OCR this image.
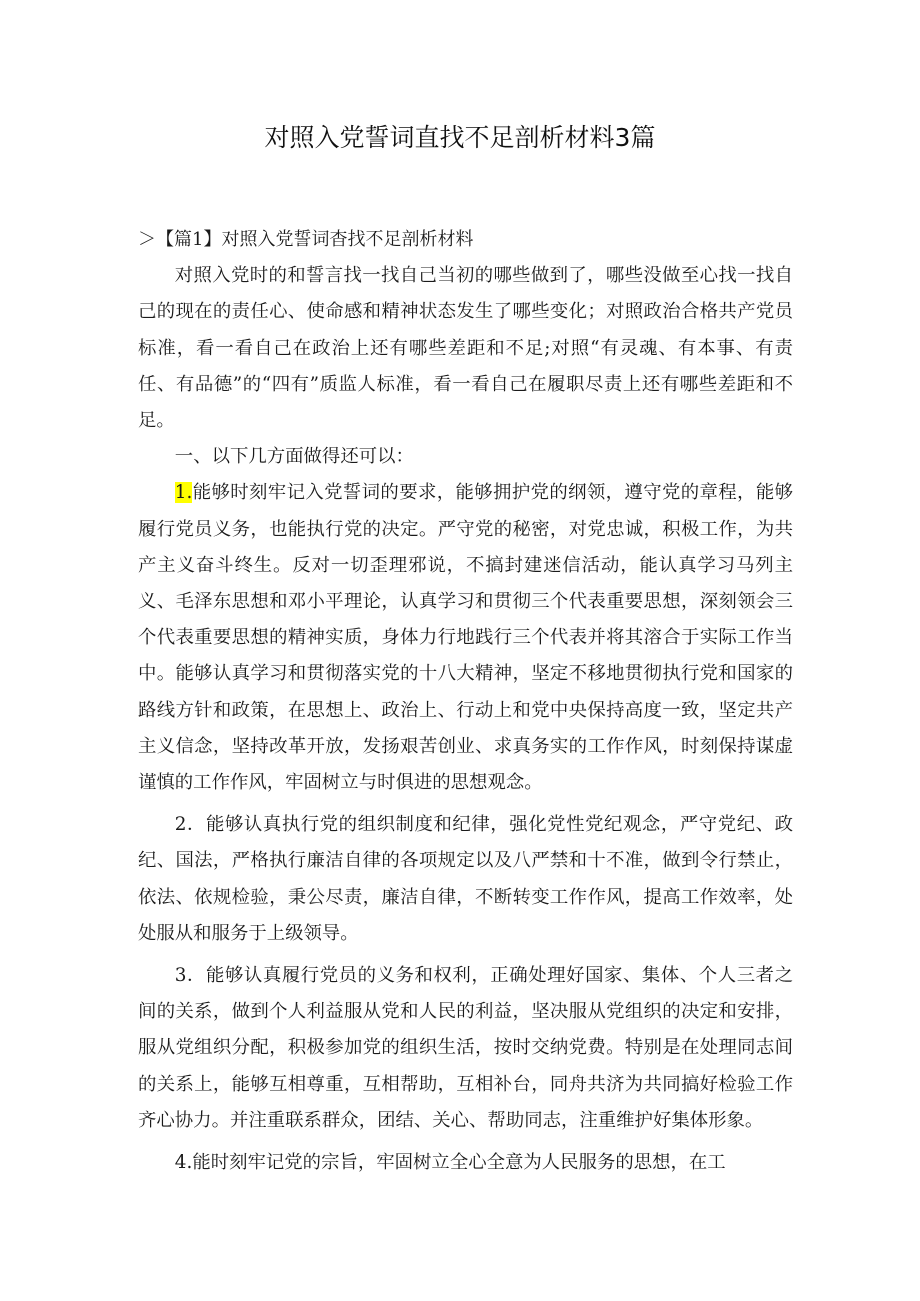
对照入党誓词直找不足剖析材料3篇

＞【篇1】对照入党誓词杳找不足剖析材料

对照入党时的和誓言找一找自己当初的哪些做到了，哪些没做至心找一找自己的现在的责任心、使命感和精神状态发生了哪些变化；对照政治合格共产党员标准，看一看自己在政治上还有哪些差距和不足;对照“有灵魂、有本事、有责任、有品德”的“四有”质监人标准，看一看自己在履职尽责上还有哪些差距和不足。

一、以下几方面做得还可以：

1.能够时刻牢记入党誓词的要求，能够拥护党的纲领，遵守党的章程，能够履行党员义务，也能执行党的决定。严守党的秘密，对党忠诚，积极工作，为共产主义奋斗终生。反对一切歪理邪说，不搞封建迷信活动，能认真学习马列主义、毛泽东思想和邓小平理论，认真学习和贯彻三个代表重要思想，深刻领会三个代表重要思想的精神实质，身体力行地践行三个代表并将其溶合于实际工作当中。能够认真学习和贯彻落实党的十八大精神，坚定不移地贯彻执行党和国家的路线方针和政策，在思想上、政治上、行动上和党中央保持高度一致，坚定共产主义信念，坚持改革开放，发扬艰苦创业、求真务实的工作作风，时刻保持谋虚谨慎的工作作风，牢固树立与时俱进的思想观念。

2．能够认真执行党的组织制度和纪律，强化党性党纪观念，严守党纪、政纪、国法，严格执行廉洁自律的各项规定以及八严禁和十不准，做到令行禁止，依法、依规检验，秉公尽责，廉洁自律，不断转变工作作风，提高工作效率，处处服从和服务于上级领导。

3．能够认真履行党员的义务和权利，正确处理好国家、集体、个人三者之间的关系，做到个人利益服从党和人民的利益，坚决服从党组织的决定和安排，服从党组织分配，积极参加党的组织生活，按时交纳党费。特别是在处理同志间的关系上，能够互相尊重，互相帮助，互相补台，同舟共济为共同搞好检验工作齐心协力。并注重联系群众，团结、关心、帮助同志，注重维护好集体形象。

4.能时刻牢记党的宗旨，牢固树立全心全意为人民服务的思想，在工
